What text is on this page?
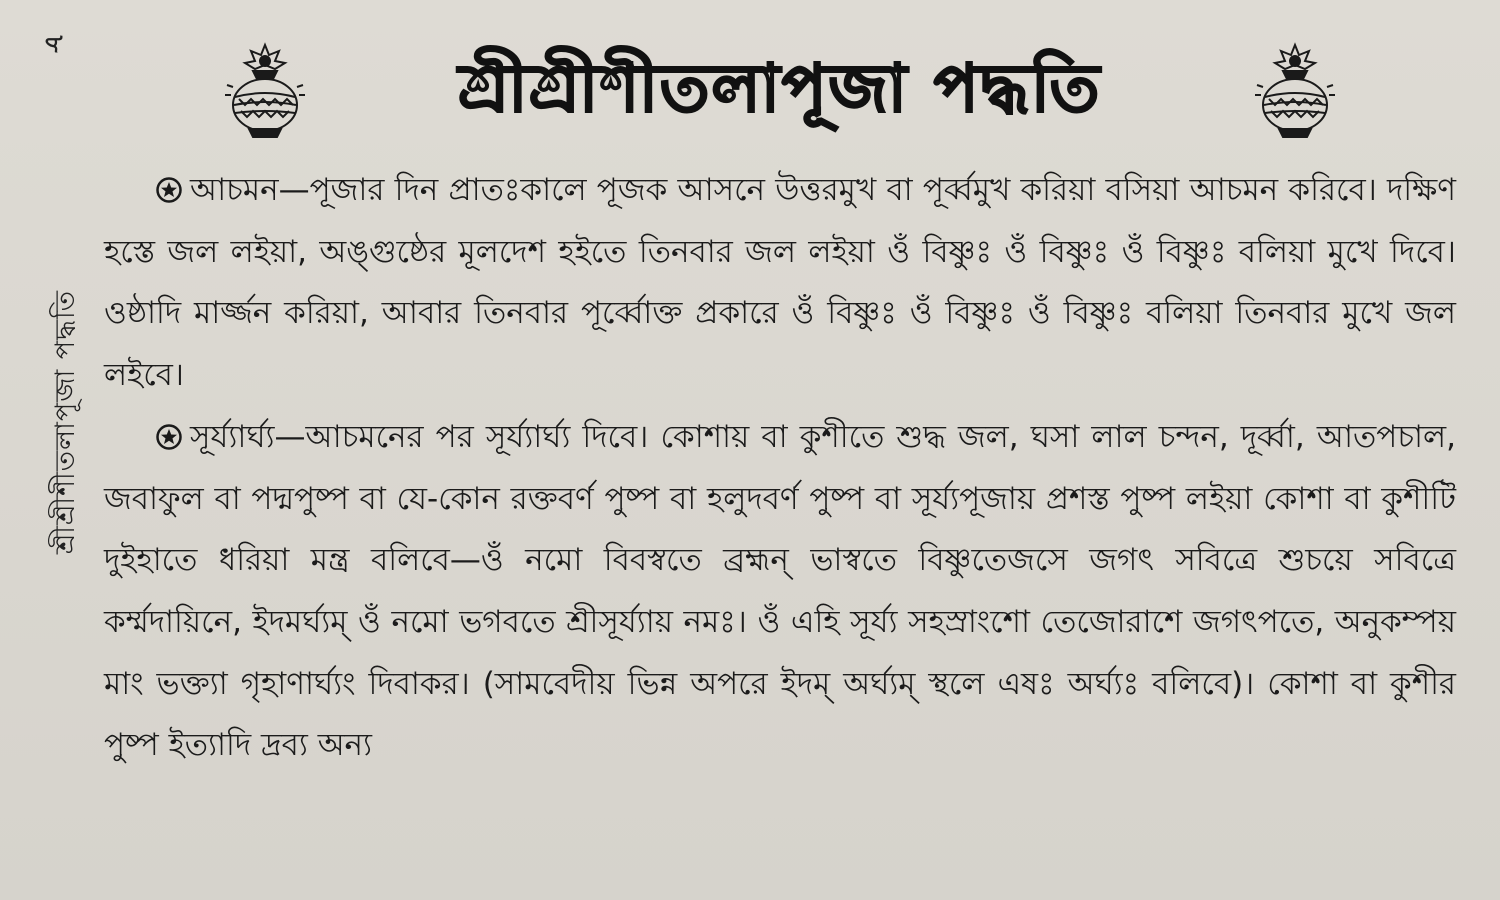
৮
শ্রীশ্রীশীতলাপূজা পদ্ধতি
শ্রীশ্রীশীতলাপূজা পদ্ধতি

আচমন—পূজার দিন প্রাতঃকালে পূজক আসনে উত্তরমুখ বা পূর্ব্বমুখ করিয়া বসিয়া আচমন করিবে। দক্ষিণ হস্তে জল লইয়া, অঙ্গুষ্ঠের মূলদেশ হইতে তিনবার জল লইয়া ওঁ বিষ্ণুঃ ওঁ বিষ্ণুঃ ওঁ বিষ্ণুঃ বলিয়া মুখে দিবে। ওষ্ঠাদি মার্জ্জন করিয়া, আবার তিনবার পূর্ব্বোক্ত প্রকারে ওঁ বিষ্ণুঃ ওঁ বিষ্ণুঃ ওঁ বিষ্ণুঃ বলিয়া তিনবার মুখে জল লইবে।

সূর্য্যার্ঘ্য—আচমনের পর সূর্য্যার্ঘ্য দিবে। কোশায় বা কুশীতে শুদ্ধ জল, ঘসা লাল চন্দন, দূর্ব্বা, আতপচাল, জবাফুল বা পদ্মপুষ্প বা যে-কোন রক্তবর্ণ পুষ্প বা হলুদবর্ণ পুষ্প বা সূর্য্যপূজায় প্রশস্ত পুষ্প লইয়া কোশা বা কুশীটি দুইহাতে ধরিয়া মন্ত্র বলিবে—ওঁ নমো বিবস্বতে ব্রহ্মন্ ভাস্বতে বিষ্ণুতেজসে জগৎ সবিত্রে শুচয়ে সবিত্রে কর্ম্মদায়িনে, ইদমর্ঘ্যম্ ওঁ নমো ভগবতে শ্রীসূর্য্যায় নমঃ। ওঁ এহি সূর্য্য সহস্রাংশো তেজোরাশে জগৎপতে, অনুকম্পয় মাং ভক্ত্যা গৃহাণার্ঘ্যং দিবাকর। (সামবেদীয় ভিন্ন অপরে ইদম্ অর্ঘ্যম্ স্থলে এষঃ অর্ঘ্যঃ বলিবে)। কোশা বা কুশীর পুষ্প ইত্যাদি দ্রব্য অন্য
